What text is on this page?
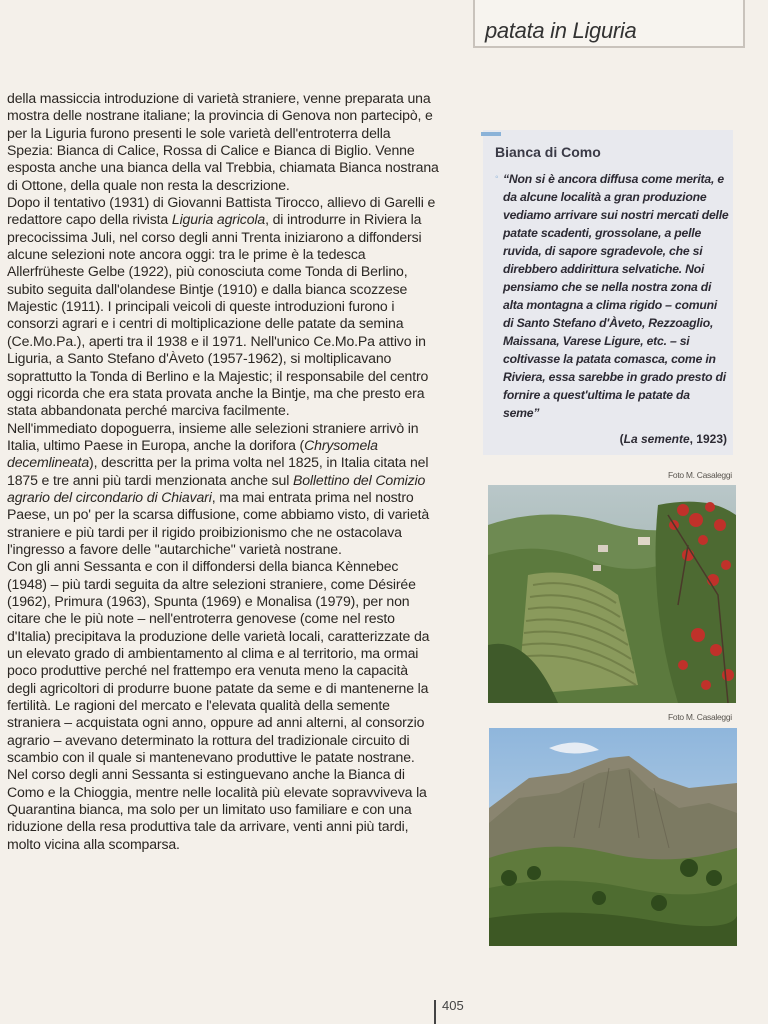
patata in Liguria

della massiccia introduzione di varietà straniere, venne preparata una mostra delle nostrane italiane; la provincia di Genova non partecipò, e per la Liguria furono presenti le sole varietà dell'entroterra della Spezia: Bianca di Calice, Rossa di Calice e Bianca di Biglio. Venne esposta anche una bianca della val Trebbia, chiamata Bianca nostrana di Ottone, della quale non resta la descrizione.

Dopo il tentativo (1931) di Giovanni Battista Tirocco, allievo di Garelli e redattore capo della rivista Liguria agricola, di introdurre in Riviera la precocissima Juli, nel corso degli anni Trenta iniziarono a diffondersi alcune selezioni note ancora oggi: tra le prime è la tedesca Allerfrüheste Gelbe (1922), più conosciuta come Tonda di Berlino, subito seguita dall'olandese Bintje (1910) e dalla bianca scozzese Majestic (1911). I principali veicoli di queste introduzioni furono i consorzi agrari e i centri di moltiplicazione delle patate da semina (Ce.Mo.Pa.), aperti tra il 1938 e il 1971. Nell'unico Ce.Mo.Pa attivo in Liguria, a Santo Stefano d'Àveto (1957-1962), si moltiplicavano soprattutto la Tonda di Berlino e la Majestic; il responsabile del centro oggi ricorda che era stata provata anche la Bintje, ma che presto era stata abbandonata perché marciva facilmente.

Nell'immediato dopoguerra, insieme alle selezioni straniere arrivò in Italia, ultimo Paese in Europa, anche la dorifora (Chrysomela decemlineata), descritta per la prima volta nel 1825, in Italia citata nel 1875 e tre anni più tardi menzionata anche sul Bollettino del Comizio agrario del circondario di Chiavari, ma mai entrata prima nel nostro Paese, un po' per la scarsa diffusione, come abbiamo visto, di varietà straniere e più tardi per il rigido proibizionismo che ne ostacolava l'ingresso a favore delle "autarchiche" varietà nostrane.

Con gli anni Sessanta e con il diffondersi della bianca Kènnebec (1948) – più tardi seguita da altre selezioni straniere, come Désirée (1962), Primura (1963), Spunta (1969) e Monalisa (1979), per non citare che le più note – nell'entroterra genovese (come nel resto d'Italia) precipitava la produzione delle varietà locali, caratterizzate da un elevato grado di ambientamento al clima e al territorio, ma ormai poco produttive perché nel frattempo era venuta meno la capacità degli agricoltori di produrre buone patate da seme e di mantenerne la fertilità. Le ragioni del mercato e l'elevata qualità della semente straniera – acquistata ogni anno, oppure ad anni alterni, al consorzio agrario – avevano determinato la rottura del tradizionale circuito di scambio con il quale si mantenevano produttive le patate nostrane.

Nel corso degli anni Sessanta si estinguevano anche la Bianca di Como e la Chioggia, mentre nelle località più elevate sopravviveva la Quarantina bianca, ma solo per un limitato uso familiare e con una riduzione della resa produttiva tale da arrivare, venti anni più tardi, molto vicina alla scomparsa.

Bianca di Como
◦ “Non si è ancora diffusa come merita, e da alcune località a gran produzione vediamo arrivare sui nostri mercati delle patate scadenti, grossolane, a pelle ruvida, di sapore sgradevole, che si direbbero addirittura selvatiche. Noi pensiamo che se nella nostra zona di alta montagna a clima rigido – comuni di Santo Stefano d'Àveto, Rezzoaglio, Maissana, Varese Ligure, etc. – si coltivasse la patata comasca, come in Riviera, essa sarebbe in grado presto di fornire a quest'ultima le patate da seme”
(La semente, 1923)
Foto M. Casaleggi
Foto M. Casaleggi
405
